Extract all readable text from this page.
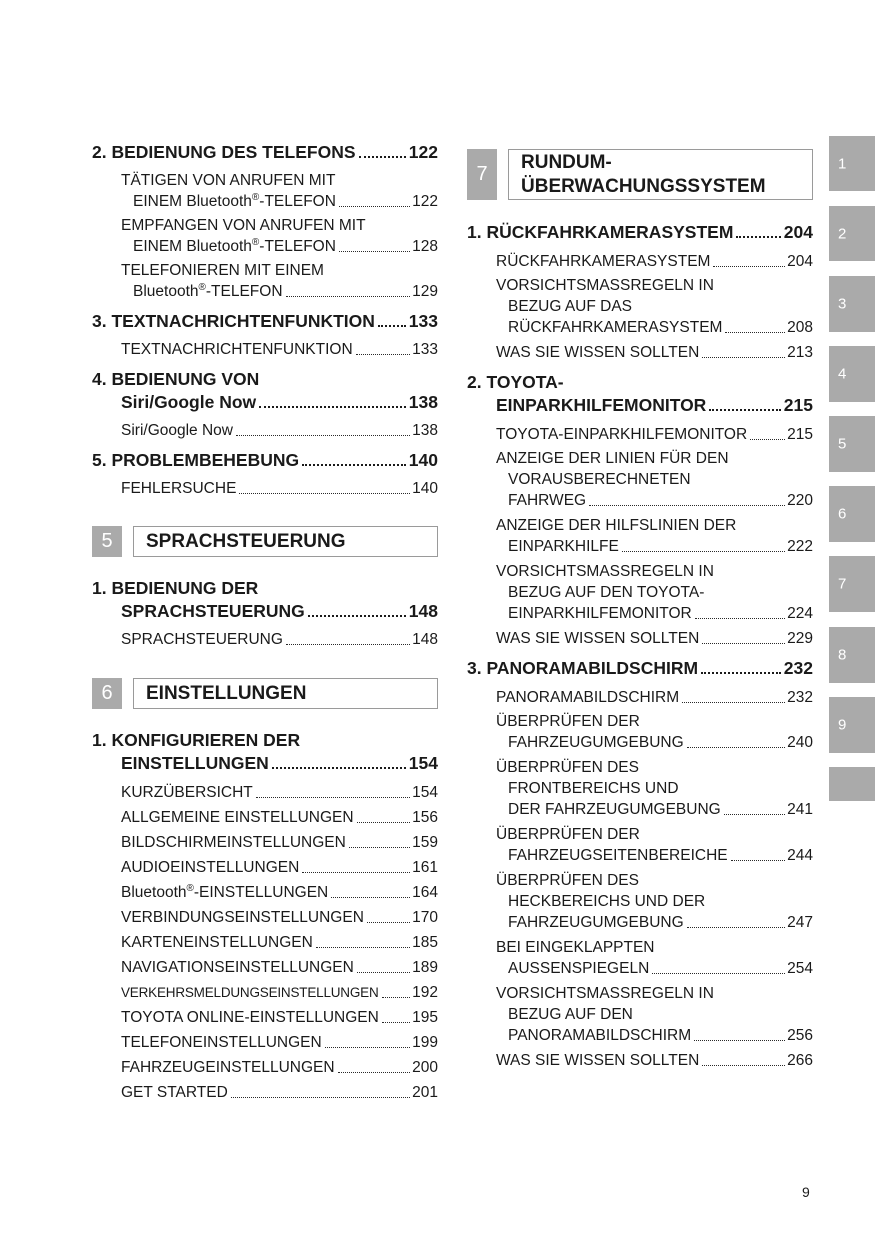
2. BEDIENUNG DES TELEFONS	122
TÄTIGEN VON ANRUFEN MIT
EINEM Bluetooth®-TELEFON	122
EMPFANGEN VON ANRUFEN MIT
EINEM Bluetooth®-TELEFON	128
TELEFONIEREN MIT EINEM
Bluetooth®-TELEFON	129
3. TEXTNACHRICHTENFUNKTION 133
TEXTNACHRICHTENFUNKTION	133
4. BEDIENUNG VON
Siri/Google Now	138
Siri/Google Now	138
5. PROBLEMBEHEBUNG	140
FEHLERSUCHE	140
5	SPRACHSTEUERUNG
1. BEDIENUNG DER
SPRACHSTEUERUNG	148
SPRACHSTEUERUNG	148
6	EINSTELLUNGEN
1. KONFIGURIEREN DER
EINSTELLUNGEN	154
KURZÜBERSICHT	154
ALLGEMEINE EINSTELLUNGEN	156
BILDSCHIRMEINSTELLUNGEN	159
AUDIOEINSTELLUNGEN	161
Bluetooth®-EINSTELLUNGEN	164
VERBINDUNGSEINSTELLUNGEN	170
KARTENEINSTELLUNGEN	185
NAVIGATIONSEINSTELLUNGEN	189
VERKEHRSMELDUNGSEINSTELLUNGEN 192
TOYOTA ONLINE-EINSTELLUNGEN 195
TELEFONEINSTELLUNGEN	199
FAHRZEUGEINSTELLUNGEN	200
GET STARTED	201
7
RUNDUM-
ÜBERWACHUNGSSYSTEM
1. RÜCKFAHRKAMERASYSTEM	204
RÜCKFAHRKAMERASYSTEM	204
VORSICHTSMASSREGELN IN
BEZUG AUF DAS
RÜCKFAHRKAMERASYSTEM	208
WAS SIE WISSEN SOLLTEN	213
2. TOYOTA-
EINPARKHILFEMONITOR	215
TOYOTA-EINPARKHILFEMONITOR	215
ANZEIGE DER LINIEN FÜR DEN
VORAUSBERECHNETEN
FAHRWEG	220
ANZEIGE DER HILFSLINIEN DER
EINPARKHILFE	222
VORSICHTSMASSREGELN IN
BEZUG AUF DEN TOYOTA-
EINPARKHILFEMONITOR	224
WAS SIE WISSEN SOLLTEN	229
3. PANORAMABILDSCHIRM	232
PANORAMABILDSCHIRM	232
ÜBERPRÜFEN DER
FAHRZEUGUMGEBUNG	240
ÜBERPRÜFEN DES
FRONTBEREICHS UND
DER FAHRZEUGUMGEBUNG	241
ÜBERPRÜFEN DER
FAHRZEUGSEITENBEREICHE	244
ÜBERPRÜFEN DES
HECKBEREICHS UND DER
FAHRZEUGUMGEBUNG	247
BEI EINGEKLAPPTEN
AUSSENSPIEGELN	254
VORSICHTSMASSREGELN IN
BEZUG AUF DEN
PANORAMABILDSCHIRM	256
WAS SIE WISSEN SOLLTEN	266
1
2
3
4
5
6
7
8
9
9
